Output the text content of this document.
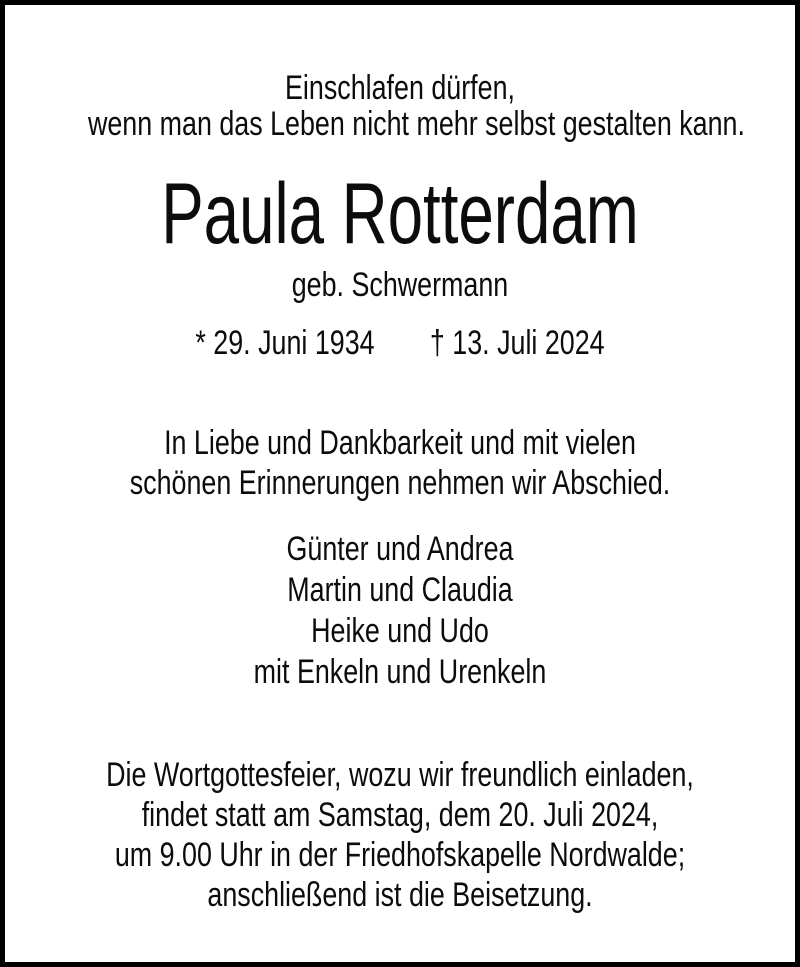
Einschlafen dürfen,
wenn man das Leben nicht mehr selbst gestalten kann.
Paula Rotterdam
geb. Schwermann
* 29. Juni 1934 † 13. Juli 2024
In Liebe und Dankbarkeit und mit vielen
schönen Erinnerungen nehmen wir Abschied.
Günter und Andrea
Martin und Claudia
Heike und Udo
mit Enkeln und Urenkeln
Die Wortgottesfeier, wozu wir freundlich einladen,
findet statt am Samstag, dem 20. Juli 2024,
um 9.00 Uhr in der Friedhofskapelle Nordwalde;
anschließend ist die Beisetzung.
